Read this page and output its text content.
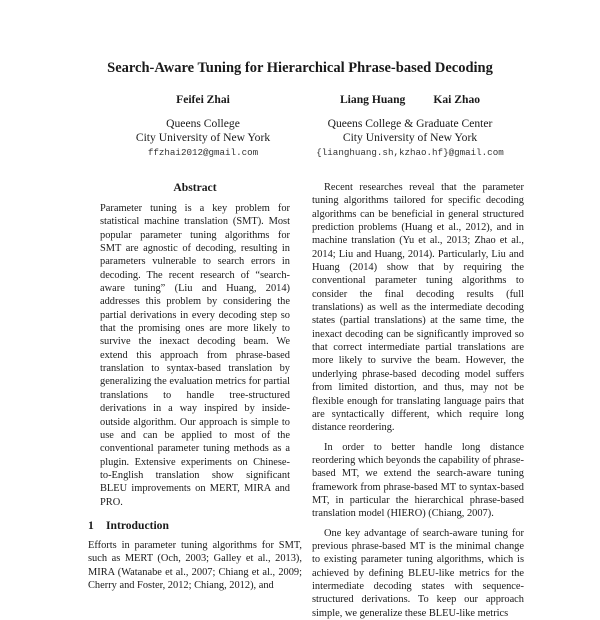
Search-Aware Tuning for Hierarchical Phrase-based Decoding
Feifei Zhai
Queens College
City University of New York
ffzhai2012@gmail.com
Liang Huang Kai Zhao
Queens College & Graduate Center
City University of New York
{lianghuang.sh,kzhao.hf}@gmail.com

Abstract

Parameter tuning is a key problem for statistical machine translation (SMT). Most popular parameter tuning algorithms for SMT are agnostic of decoding, resulting in parameters vulnerable to search errors in decoding. The recent research of “search-aware tuning” (Liu and Huang, 2014) addresses this problem by considering the partial derivations in every decoding step so that the promising ones are more likely to survive the inexact decoding beam. We extend this approach from phrase-based translation to syntax-based translation by generalizing the evaluation metrics for partial translations to handle tree-structured derivations in a way inspired by inside-outside algorithm. Our approach is simple to use and can be applied to most of the conventional parameter tuning methods as a plugin. Extensive experiments on Chinese-to-English translation show significant BLEU improvements on MERT, MIRA and PRO.

1 Introduction

Efforts in parameter tuning algorithms for SMT, such as MERT (Och, 2003; Galley et al., 2013), MIRA (Watanabe et al., 2007; Chiang et al., 2009; Cherry and Foster, 2012; Chiang, 2012), and

Recent researches reveal that the parameter tuning algorithms tailored for specific decoding algorithms can be beneficial in general structured prediction problems (Huang et al., 2012), and in machine translation (Yu et al., 2013; Zhao et al., 2014; Liu and Huang, 2014). Particularly, Liu and Huang (2014) show that by requiring the conventional parameter tuning algorithms to consider the final decoding results (full translations) as well as the intermediate decoding states (partial translations) at the same time, the inexact decoding can be significantly improved so that correct intermediate partial translations are more likely to survive the beam. However, the underlying phrase-based decoding model suffers from limited distortion, and thus, may not be flexible enough for translating language pairs that are syntactically different, which require long distance reordering.

In order to better handle long distance reordering which beyonds the capability of phrase-based MT, we extend the search-aware tuning framework from phrase-based MT to syntax-based MT, in particular the hierarchical phrase-based translation model (HIERO) (Chiang, 2007).

One key advantage of search-aware tuning for previous phrase-based MT is the minimal change to existing parameter tuning algorithms, which is achieved by defining BLEU-like metrics for the intermediate decoding states with sequence-structured derivations. To keep our approach simple, we generalize these BLEU-like metrics
